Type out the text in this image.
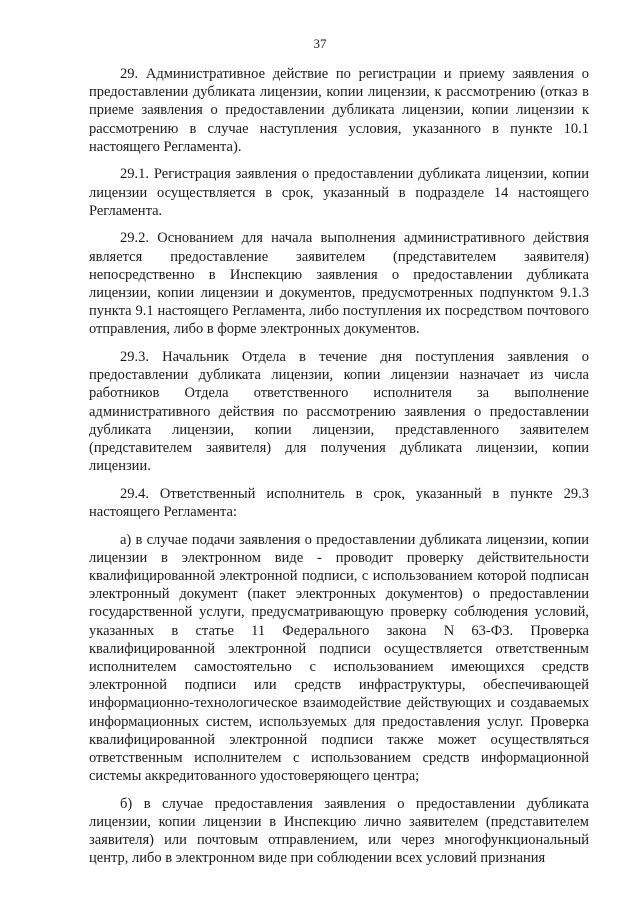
37

29. Административное действие по регистрации и приему заявления о предоставлении дубликата лицензии, копии лицензии, к рассмотрению (отказ в приеме заявления о предоставлении дубликата лицензии, копии лицензии к рассмотрению в случае наступления условия, указанного в пункте 10.1 настоящего Регламента).

29.1. Регистрация заявления о предоставлении дубликата лицензии, копии лицензии осуществляется в срок, указанный в подразделе 14 настоящего Регламента.

29.2. Основанием для начала выполнения административного действия является предоставление заявителем (представителем заявителя) непосредственно в Инспекцию заявления о предоставлении дубликата лицензии, копии лицензии и документов, предусмотренных подпунктом 9.1.3 пункта 9.1 настоящего Регламента, либо поступления их посредством почтового отправления, либо в форме электронных документов.

29.3. Начальник Отдела в течение дня поступления заявления о предоставлении дубликата лицензии, копии лицензии назначает из числа работников Отдела ответственного исполнителя за выполнение административного действия по рассмотрению заявления о предоставлении дубликата лицензии, копии лицензии, представленного заявителем (представителем заявителя) для получения дубликата лицензии, копии лицензии.

29.4. Ответственный исполнитель в срок, указанный в пункте 29.3 настоящего Регламента:

а) в случае подачи заявления о предоставлении дубликата лицензии, копии лицензии в электронном виде - проводит проверку действительности квалифицированной электронной подписи, с использованием которой подписан электронный документ (пакет электронных документов) о предоставлении государственной услуги, предусматривающую проверку соблюдения условий, указанных в статье 11 Федерального закона N 63-ФЗ. Проверка квалифицированной электронной подписи осуществляется ответственным исполнителем самостоятельно с использованием имеющихся средств электронной подписи или средств инфраструктуры, обеспечивающей информационно-технологическое взаимодействие действующих и создаваемых информационных систем, используемых для предоставления услуг. Проверка квалифицированной электронной подписи также может осуществляться ответственным исполнителем с использованием средств информационной системы аккредитованного удостоверяющего центра;

б) в случае предоставления заявления о предоставлении дубликата лицензии, копии лицензии в Инспекцию лично заявителем (представителем заявителя) или почтовым отправлением, или через многофункциональный центр, либо в электронном виде при соблюдении всех условий признания
